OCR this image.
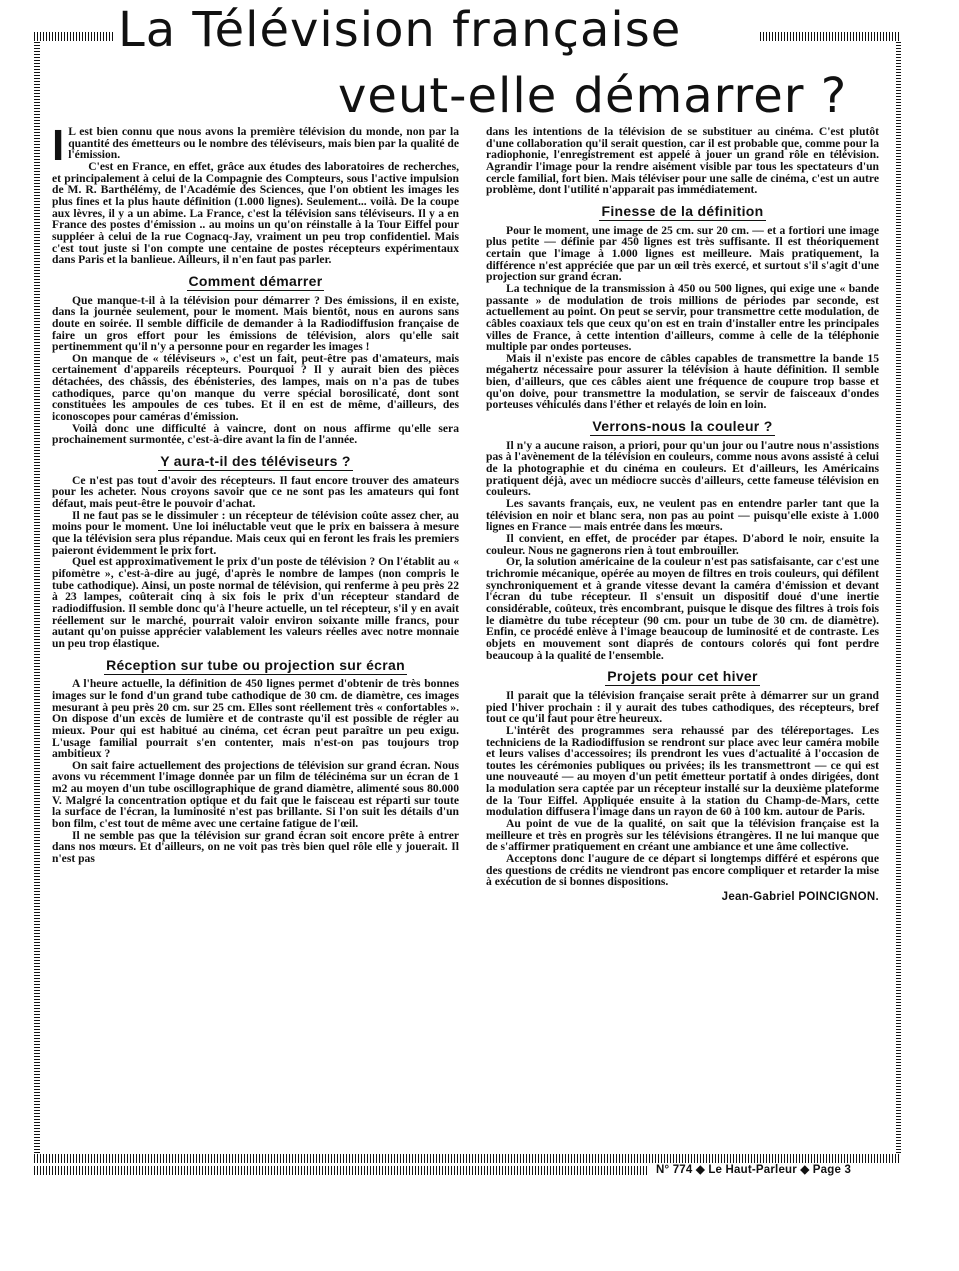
La Télévision française
veut-elle démarrer ?
I L est bien connu que nous avons la première télévision du monde, non par la quantité des émetteurs ou le nombre des téléviseurs, mais bien par la qualité de l'émission.

C'est en France, en effet, grâce aux études des laboratoires de recherches, et principalement à celui de la Compagnie des Compteurs, sous l'active impulsion de M. R. Barthélémy, de l'Académie des Sciences, que l'on obtient les images les plus fines et la plus haute définition (1.000 lignes). Seulement... voilà. De la coupe aux lèvres, il y a un abime. La France, c'est la télévision sans téléviseurs. Il y a en France des postes d'émission .. au moins un qu'on réinstalle à la Tour Eiffel pour suppléer à celui de la rue Cognacq-Jay, vraiment un peu trop confidentiel. Mais c'est tout juste si l'on compte une centaine de postes récepteurs expérimentaux dans Paris et la banlieue. Ailleurs, il n'en faut pas parler.

Comment démarrer

Que manque-t-il à la télévision pour démarrer ? Des émissions, il en existe, dans la journée seulement, pour le moment. Mais bientôt, nous en aurons sans doute en soirée. Il semble difficile de demander à la Radiodiffusion française de faire un gros effort pour les émissions de télévision, alors qu'elle sait pertinemment qu'il n'y a personne pour en regarder les images !

On manque de « téléviseurs », c'est un fait, peut-être pas d'amateurs, mais certainement d'appareils récepteurs. Pourquoi ? Il y aurait bien des pièces détachées, des châssis, des ébénisteries, des lampes, mais on n'a pas de tubes cathodiques, parce qu'on manque du verre spécial borosilicaté, dont sont constituées les ampoules de ces tubes. Et il en est de même, d'ailleurs, des iconoscopes pour caméras d'émission.

Voilà donc une difficulté à vaincre, dont on nous affirme qu'elle sera prochainement surmontée, c'est-à-dire avant la fin de l'année.

Y aura-t-il des téléviseurs ?

Ce n'est pas tout d'avoir des récepteurs. Il faut encore trouver des amateurs pour les acheter. Nous croyons savoir que ce ne sont pas les amateurs qui font défaut, mais peut-être le pouvoir d'achat.

Il ne faut pas se le dissimuler : un récepteur de télévision coûte assez cher, au moins pour le moment. Une loi inéluctable veut que le prix en baissera à mesure que la télévision sera plus répandue. Mais ceux qui en feront les frais les premiers paieront évidemment le prix fort.

Quel est approximativement le prix d'un poste de télévision ? On l'établit au « pifomètre », c'est-à-dire au jugé, d'après le nombre de lampes (non compris le tube cathodique). Ainsi, un poste normal de télévision, qui renferme à peu près 22 à 23 lampes, coûterait cinq à six fois le prix d'un récepteur standard de radiodiffusion. Il semble donc qu'à l'heure actuelle, un tel récepteur, s'il y en avait réellement sur le marché, pourrait valoir environ soixante mille francs, pour autant qu'on puisse apprécier valablement les valeurs réelles avec notre monnaie un peu trop élastique.

Réception sur tube ou projection sur écran

A l'heure actuelle, la définition de 450 lignes permet d'obtenir de très bonnes images sur le fond d'un grand tube cathodique de 30 cm. de diamètre, ces images mesurant à peu près 20 cm. sur 25 cm. Elles sont réellement très « confortables ». On dispose d'un excès de lumière et de contraste qu'il est possible de régler au mieux. Pour qui est habitué au cinéma, cet écran peut paraître un peu exigu. L'usage familial pourrait s'en contenter, mais n'est-on pas toujours trop ambitieux ?

On sait faire actuellement des projections de télévision sur grand écran. Nous avons vu récemment l'image donnée par un film de télécinéma sur un écran de 1 m2 au moyen d'un tube oscillographique de grand diamètre, alimenté sous 80.000 V. Malgré la concentration optique et du fait que le faisceau est réparti sur toute la surface de l'écran, la luminosité n'est pas brillante. Si l'on suit les détails d'un bon film, c'est tout de même avec une certaine fatigue de l'œil.

Il ne semble pas que la télévision sur grand écran soit encore prête à entrer dans nos mœurs. Et d'ailleurs, on ne voit pas très bien quel rôle elle y jouerait. Il n'est pas

dans les intentions de la télévision de se substituer au cinéma. C'est plutôt d'une collaboration qu'il serait question, car il est probable que, comme pour la radiophonie, l'enregistrement est appelé à jouer un grand rôle en télévision. Agrandir l'image pour la rendre aisément visible par tous les spectateurs d'un cercle familial, fort bien. Mais téléviser pour une salle de cinéma, c'est un autre problème, dont l'utilité n'apparait pas immédiatement.

Finesse de la définition

Pour le moment, une image de 25 cm. sur 20 cm. — et a fortiori une image plus petite — définie par 450 lignes est très suffisante. Il est théoriquement certain que l'image à 1.000 lignes est meilleure. Mais pratiquement, la différence n'est appréciée que par un œil très exercé, et surtout s'il s'agit d'une projection sur grand écran.

La technique de la transmission à 450 ou 500 lignes, qui exige une « bande passante » de modulation de trois millions de périodes par seconde, est actuellement au point. On peut se servir, pour transmettre cette modulation, de câbles coaxiaux tels que ceux qu'on est en train d'installer entre les principales villes de France, à cette intention d'ailleurs, comme à celle de la téléphonie multiple par ondes porteuses.

Mais il n'existe pas encore de câbles capables de transmettre la bande 15 mégahertz nécessaire pour assurer la télévision à haute définition. Il semble bien, d'ailleurs, que ces câbles aient une fréquence de coupure trop basse et qu'on doive, pour transmettre la modulation, se servir de faisceaux d'ondes porteuses véhiculés dans l'éther et relayés de loin en loin.

Verrons-nous la couleur ?

Il n'y a aucune raison, a priori, pour qu'un jour ou l'autre nous n'assistions pas à l'avènement de la télévision en couleurs, comme nous avons assisté à celui de la photographie et du cinéma en couleurs. Et d'ailleurs, les Américains pratiquent déjà, avec un médiocre succès d'ailleurs, cette fameuse télévision en couleurs.

Les savants français, eux, ne veulent pas en entendre parler tant que la télévision en noir et blanc sera, non pas au point — puisqu'elle existe à 1.000 lignes en France — mais entrée dans les mœurs.

Il convient, en effet, de procéder par étapes. D'abord le noir, ensuite la couleur. Nous ne gagnerons rien à tout embrouiller.

Or, la solution américaine de la couleur n'est pas satisfaisante, car c'est une trichromie mécanique, opérée au moyen de filtres en trois couleurs, qui défilent synchroniquement et à grande vitesse devant la caméra d'émission et devant l'écran du tube récepteur. Il s'ensuit un dispositif doué d'une inertie considérable, coûteux, très encombrant, puisque le disque des filtres à trois fois le diamètre du tube récepteur (90 cm. pour un tube de 30 cm. de diamètre). Enfin, ce procédé enlève à l'image beaucoup de luminosité et de contraste. Les objets en mouvement sont diaprés de contours colorés qui font perdre beaucoup à la qualité de l'ensemble.

Projets pour cet hiver

Il parait que la télévision française serait prête à démarrer sur un grand pied l'hiver prochain : il y aurait des tubes cathodiques, des récepteurs, bref tout ce qu'il faut pour être heureux.

L'intérêt des programmes sera rehaussé par des téléreportages. Les techniciens de la Radiodiffusion se rendront sur place avec leur caméra mobile et leurs valises d'accessoires; ils prendront les vues d'actualité à l'occasion de toutes les cérémonies publiques ou privées; ils les transmettront — ce qui est une nouveauté — au moyen d'un petit émetteur portatif à ondes dirigées, dont la modulation sera captée par un récepteur installé sur la deuxième plateforme de la Tour Eiffel. Appliquée ensuite à la station du Champ-de-Mars, cette modulation diffusera l'image dans un rayon de 60 à 100 km. autour de Paris.

Au point de vue de la qualité, on sait que la télévision française est la meilleure et très en progrès sur les télévisions étrangères. Il ne lui manque que de s'affirmer pratiquement en créant une ambiance et une âme collective.

Acceptons donc l'augure de ce départ si longtemps différé et espérons que des questions de crédits ne viendront pas encore compliquer et retarder la mise à exécution de si bonnes dispositions.

Jean-Gabriel POINCIGNON.
N° 774 ◆ Le Haut-Parleur ◆ Page 3
